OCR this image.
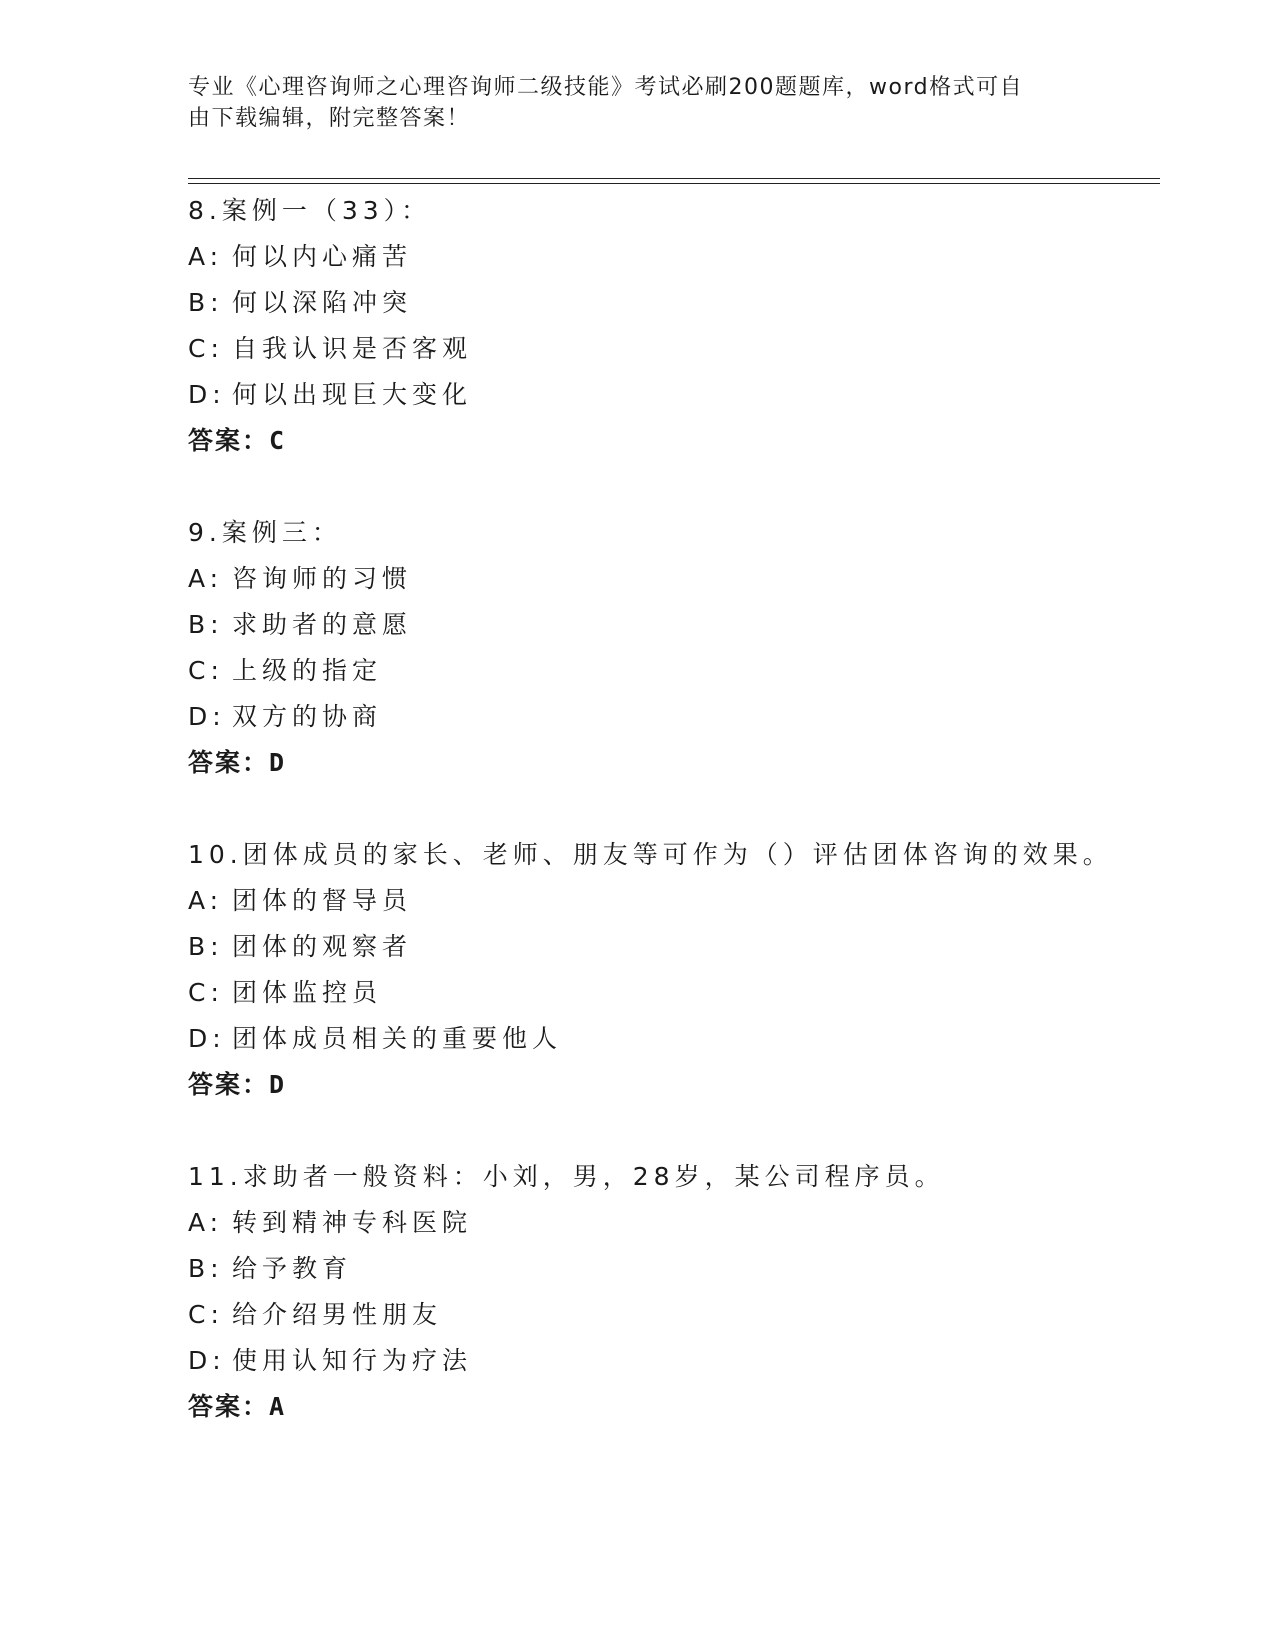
专业《心理咨询师之心理咨询师二级技能》考试必刷200题题库，word格式可自
由下载编辑，附完整答案！
8.案例一（33）：
A: 何以内心痛苦
B: 何以深陷冲突
C: 自我认识是否客观
D: 何以出现巨大变化
答案：C
9.案例三：
A: 咨询师的习惯
B: 求助者的意愿
C: 上级的指定
D: 双方的协商
答案：D
10.团体成员的家长、老师、朋友等可作为（）评估团体咨询的效果。
A: 团体的督导员
B: 团体的观察者
C: 团体监控员
D: 团体成员相关的重要他人
答案：D
11.求助者一般资料：小刘，男，28岁，某公司程序员。
A: 转到精神专科医院
B: 给予教育
C: 给介绍男性朋友
D: 使用认知行为疗法
答案：A
